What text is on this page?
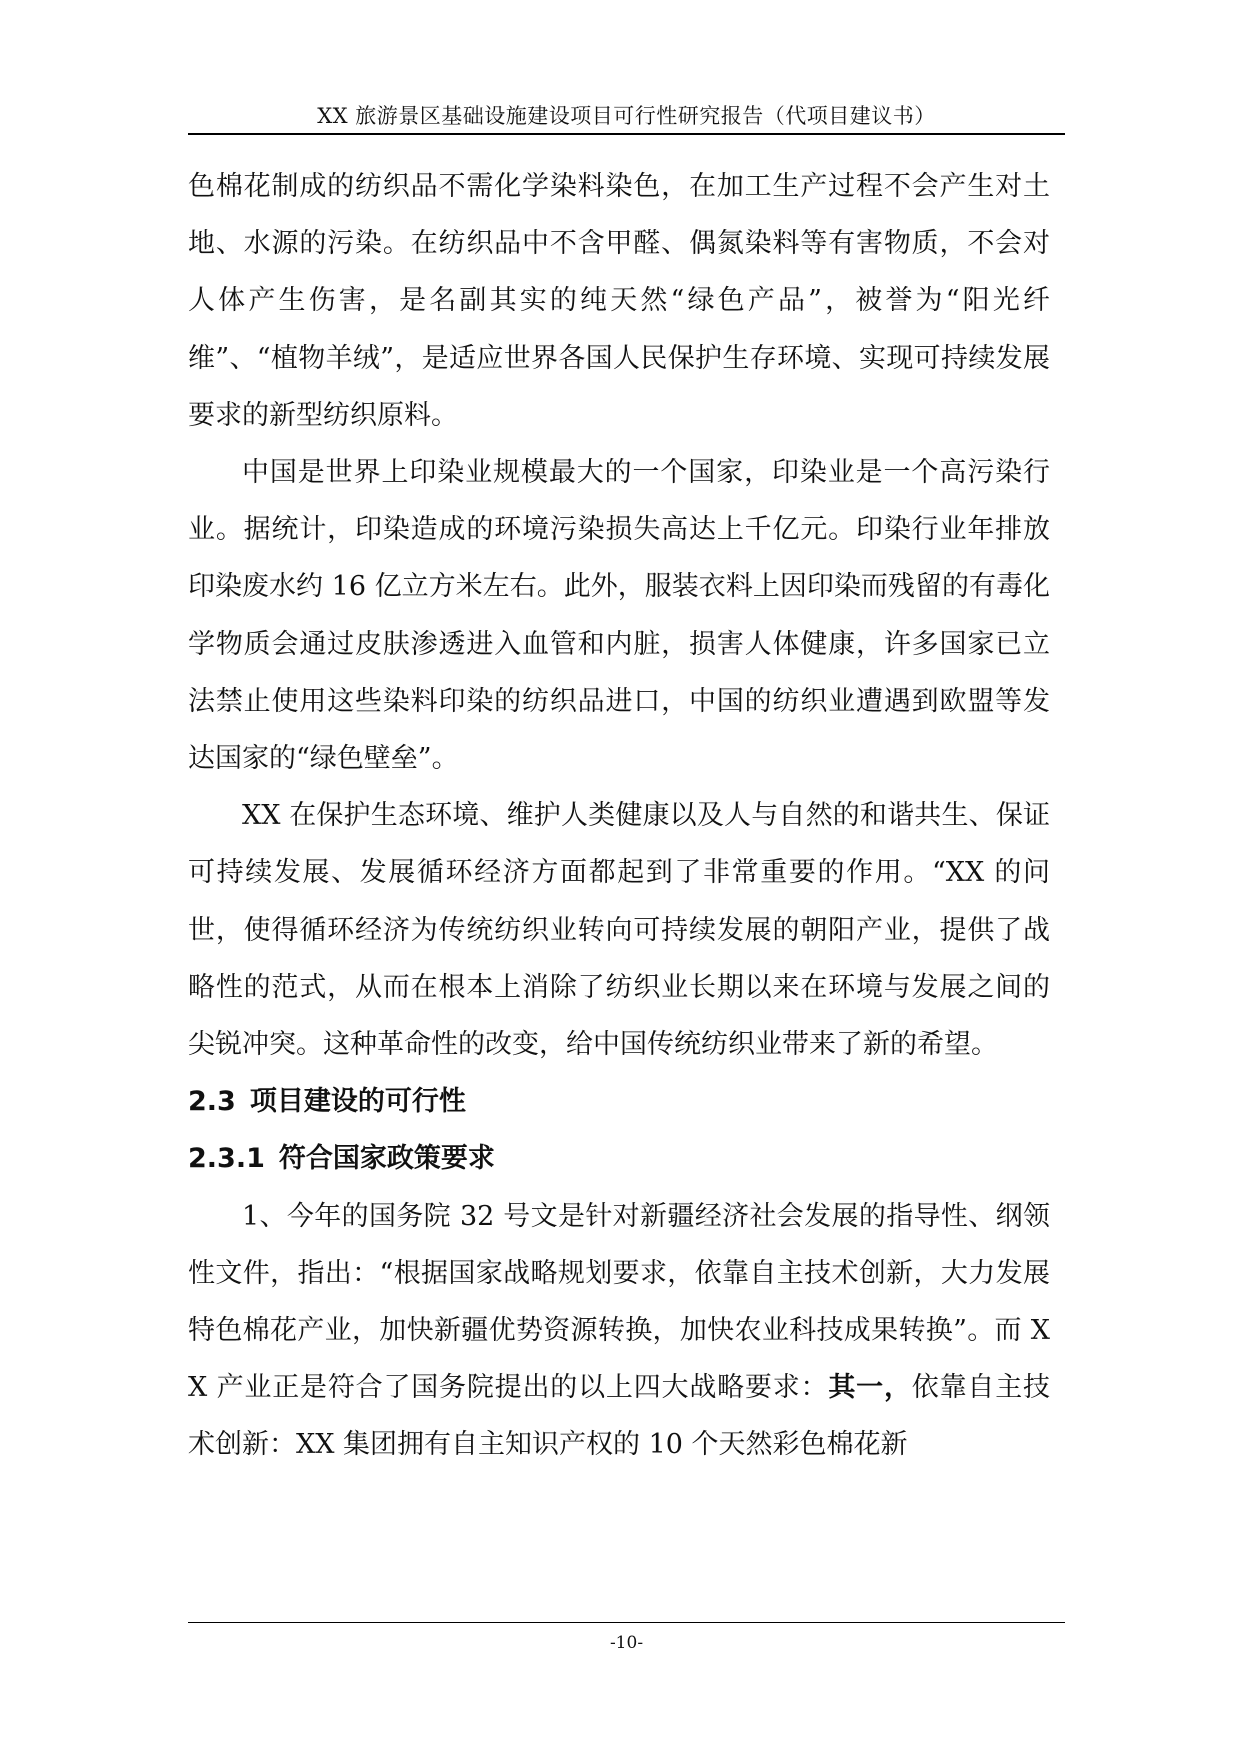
XX 旅游景区基础设施建设项目可行性研究报告（代项目建议书）

色棉花制成的纺织品不需化学染料染色，在加工生产过程不会产生对土地、水源的污染。在纺织品中不含甲醛、偶氮染料等有害物质，不会对人体产生伤害，是名副其实的纯天然“绿色产品”，被誉为“阳光纤维”、“植物羊绒”，是适应世界各国人民保护生存环境、实现可持续发展要求的新型纺织原料。

中国是世界上印染业规模最大的一个国家，印染业是一个高污染行业。据统计，印染造成的环境污染损失高达上千亿元。印染行业年排放印染废水约 16 亿立方米左右。此外，服装衣料上因印染而残留的有毒化学物质会通过皮肤渗透进入血管和内脏，损害人体健康，许多国家已立法禁止使用这些染料印染的纺织品进口，中国的纺织业遭遇到欧盟等发达国家的“绿色壁垒”。

XX 在保护生态环境、维护人类健康以及人与自然的和谐共生、保证可持续发展、发展循环经济方面都起到了非常重要的作用。“XX 的问世，使得循环经济为传统纺织业转向可持续发展的朝阳产业，提供了战略性的范式，从而在根本上消除了纺织业长期以来在环境与发展之间的尖锐冲突。这种革命性的改变，给中国传统纺织业带来了新的希望。

2.3 项目建设的可行性
2.3.1 符合国家政策要求

1、今年的国务院 32 号文是针对新疆经济社会发展的指导性、纲领性文件，指出：“根据国家战略规划要求，依靠自主技术创新，大力发展特色棉花产业，加快新疆优势资源转换，加快农业科技成果转换”。而 XX 产业正是符合了国务院提出的以上四大战略要求：其一，依靠自主技术创新：XX 集团拥有自主知识产权的 10 个天然彩色棉花新

-10-
